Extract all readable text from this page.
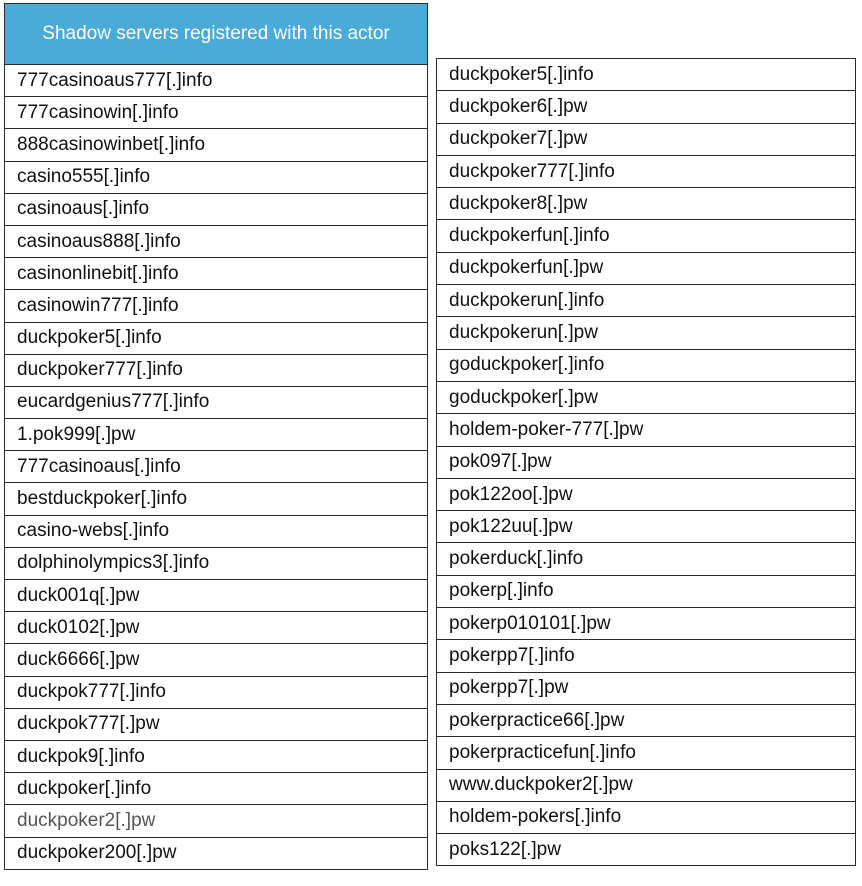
Shadow servers registered with this actor
777casinoaus777[.]info
777casinowin[.]info
888casinowinbet[.]info
casino555[.]info
casinoaus[.]info
casinoaus888[.]info
casinonlinebit[.]info
casinowin777[.]info
duckpoker5[.]info
duckpoker777[.]info
eucardgenius777[.]info
1.pok999[.]pw
777casinoaus[.]info
bestduckpoker[.]info
casino-webs[.]info
dolphinolympics3[.]info
duck001q[.]pw
duck0102[.]pw
duck6666[.]pw
duckpok777[.]info
duckpok777[.]pw
duckpok9[.]info
duckpoker[.]info
duckpoker2[.]pw
duckpoker200[.]pw
duckpoker5[.]info
duckpoker6[.]pw
duckpoker7[.]pw
duckpoker777[.]info
duckpoker8[.]pw
duckpokerfun[.]info
duckpokerfun[.]pw
duckpokerun[.]info
duckpokerun[.]pw
goduckpoker[.]info
goduckpoker[.]pw
holdem-poker-777[.]pw
pok097[.]pw
pok122oo[.]pw
pok122uu[.]pw
pokerduck[.]info
pokerp[.]info
pokerp010101[.]pw
pokerpp7[.]info
pokerpp7[.]pw
pokerpractice66[.]pw
pokerpracticefun[.]info
www.duckpoker2[.]pw
holdem-pokers[.]info
poks122[.]pw
